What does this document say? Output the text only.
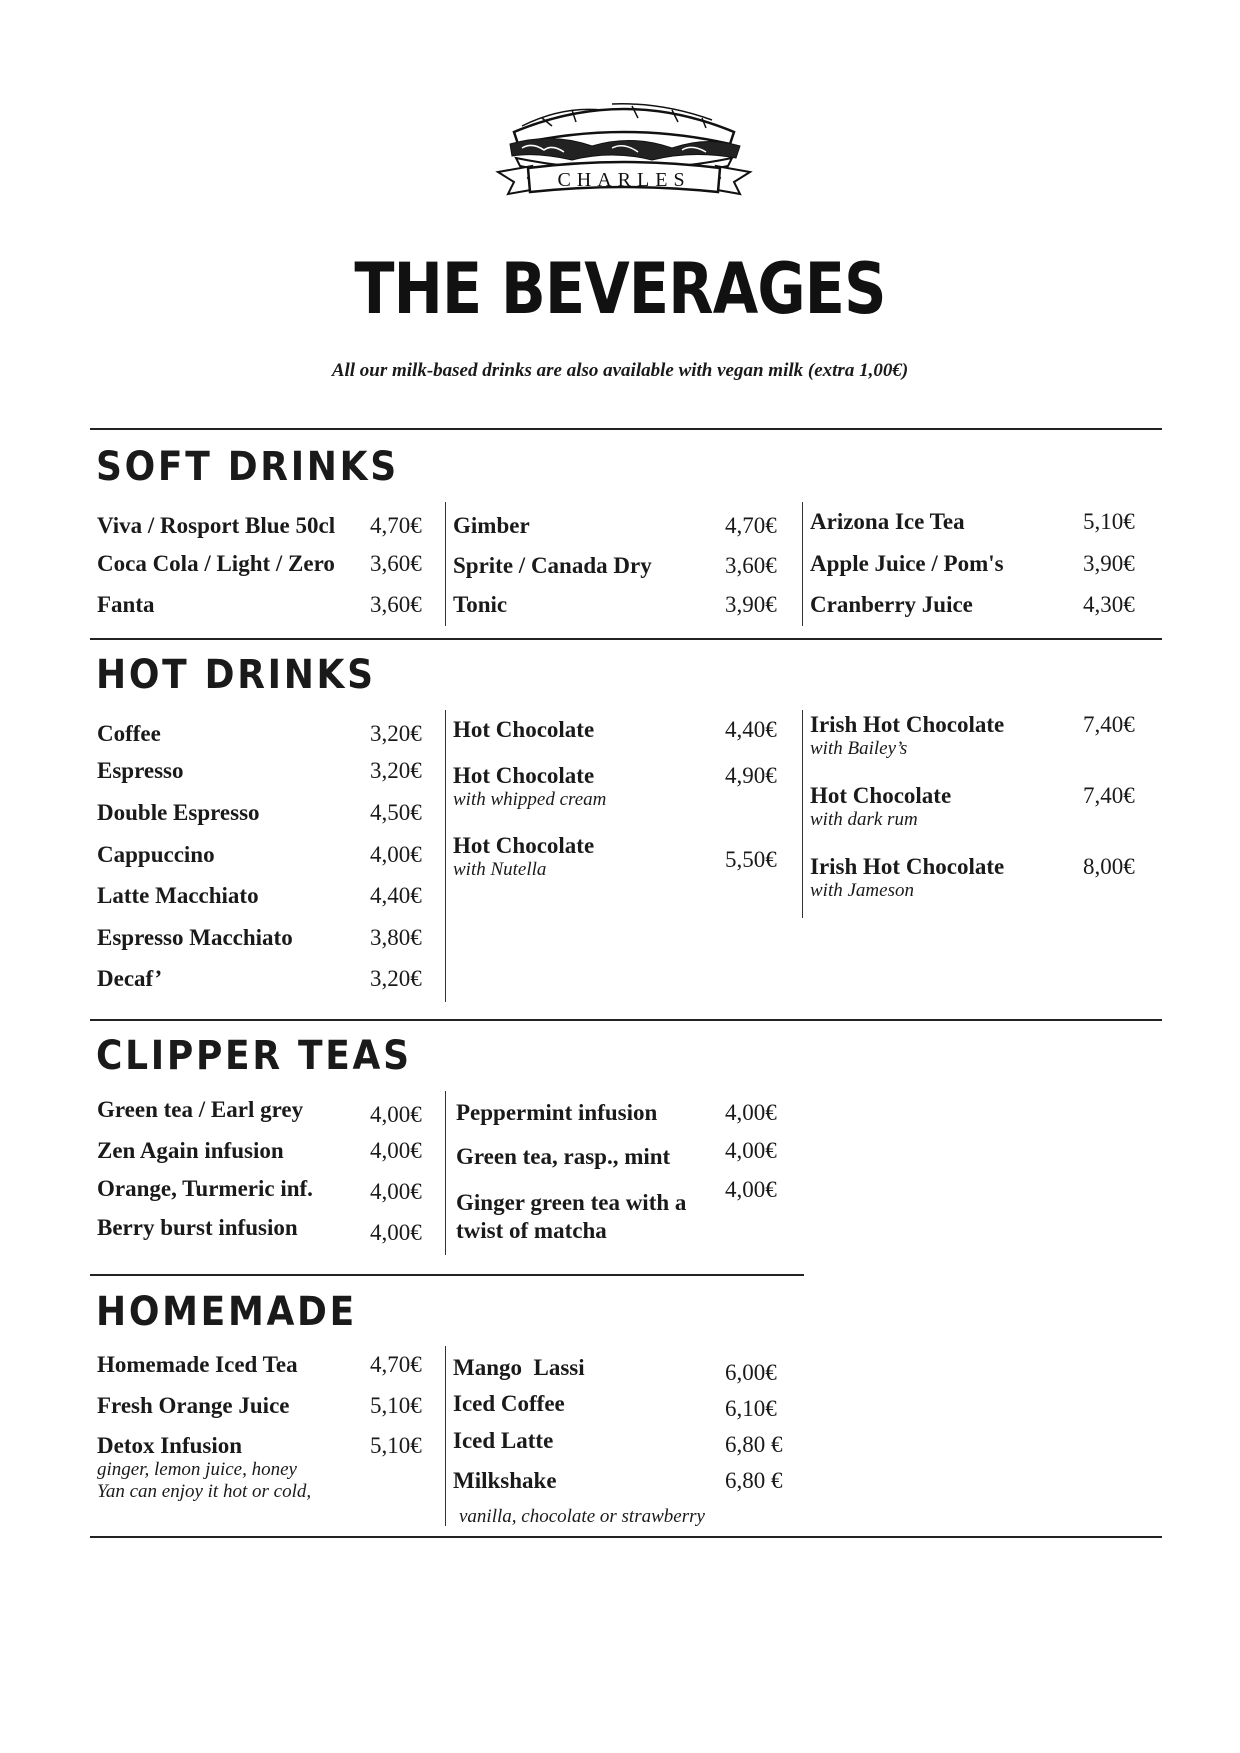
CHARLES
THE BEVERAGES
All our milk-based drinks are also available with vegan milk (extra 1,00€)
SOFT DRINKS
HOT DRINKS
CLIPPER TEAS
HOMEMADE
Viva / Rosport Blue 50cl 4,70€
Coca Cola / Light / Zero 3,60€
Fanta	3,60€
Gimber	4,70€
Sprite / Canada Dry	3,60€
Tonic	3,90€
Arizona Ice Tea	5,10€
Apple Juice / Pom's	3,90€
Cranberry Juice	4,30€
Coffee	3,20€
Espresso	3,20€
Double Espresso	4,50€
Cappuccino	4,00€
Latte Macchiato	4,40€
Espresso Macchiato	3,80€
Decaf’	3,20€
Hot Chocolate	4,40€
Hot Chocolate
with whipped cream
4,90€
Hot Chocolate
with Nutella	5,50€
Irish Hot Chocolate
with Bailey’s
7,40€
Hot Chocolate
with dark rum
7,40€
Irish Hot Chocolate
with Jameson
8,00€
Green tea / Earl grey	4,00€
Zen Again infusion	4,00€
Orange, Turmeric inf. 4,00€
Berry burst infusion	4,00€
Peppermint infusion	4,00€
Green tea, rasp., mint 4,00€
Ginger green tea with a twist of matcha
4,00€
Homemade Iced Tea	4,70€
Fresh Orange Juice	5,10€
Detox Infusion
ginger, lemon juice, honey
Yan can enjoy it hot or cold,
5,10€
Mango  Lassi	6,00€
Iced Coffee	6,10€
Iced Latte	6,80 €
Milkshake	6,80 €
vanilla, chocolate or strawberry
